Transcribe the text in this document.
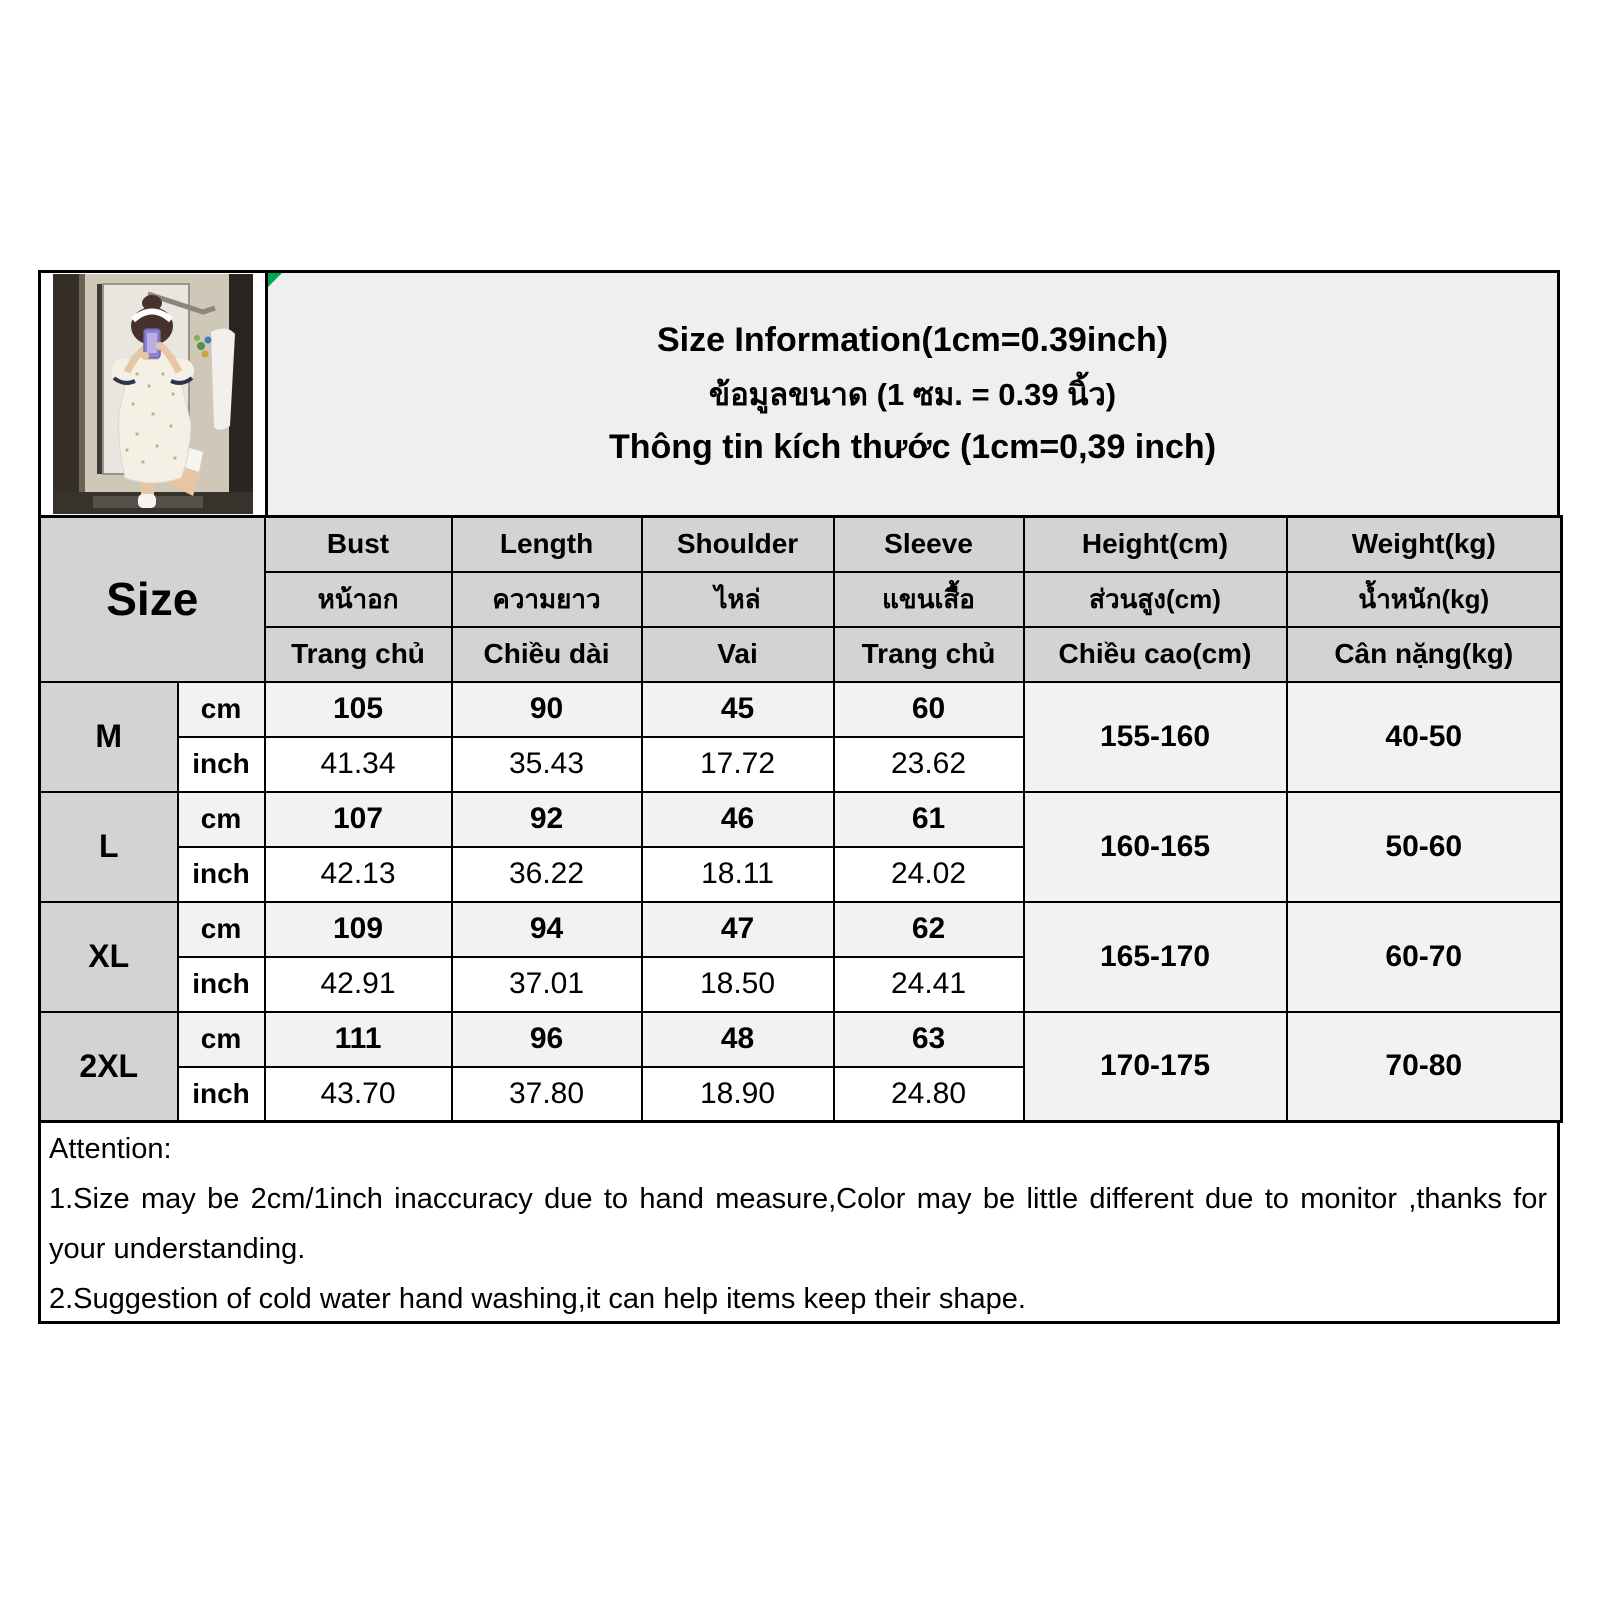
Size Information(1cm=0.39inch)
ข้อมูลขนาด (1 ซม. = 0.39 นิ้ว)
Thông tin kích thước (1cm=0,39 inch)
Size		Bust	Length	Shoulder	Sleeve	Height(cm)	Weight(kg)
		หน้าอก	ความยาว	ไหล่	แขนเสื้อ	ส่วนสูง(cm)	น้ำหนัก(kg)
		Trang chủ	Chiều dài	Vai	Trang chủ	Chiều cao(cm)	Cân nặng(kg)
M	cm	105	90	45	60	155-160	40-50
	inch	41.34	35.43	17.72	23.62		
L	cm	107	92	46	61	160-165	50-60
	inch	42.13	36.22	18.11	24.02		
XL	cm	109	94	47	62	165-170	60-70
	inch	42.91	37.01	18.50	24.41		
2XL	cm	111	96	48	63	170-175	70-80
	inch	43.70	37.80	18.90	24.80		

Attention:

1.Size may be 2cm/1inch inaccuracy due to hand measure,Color may be little different due to monitor ,thanks for your understanding.

2.Suggestion of cold water hand washing,it can help items keep their shape.
